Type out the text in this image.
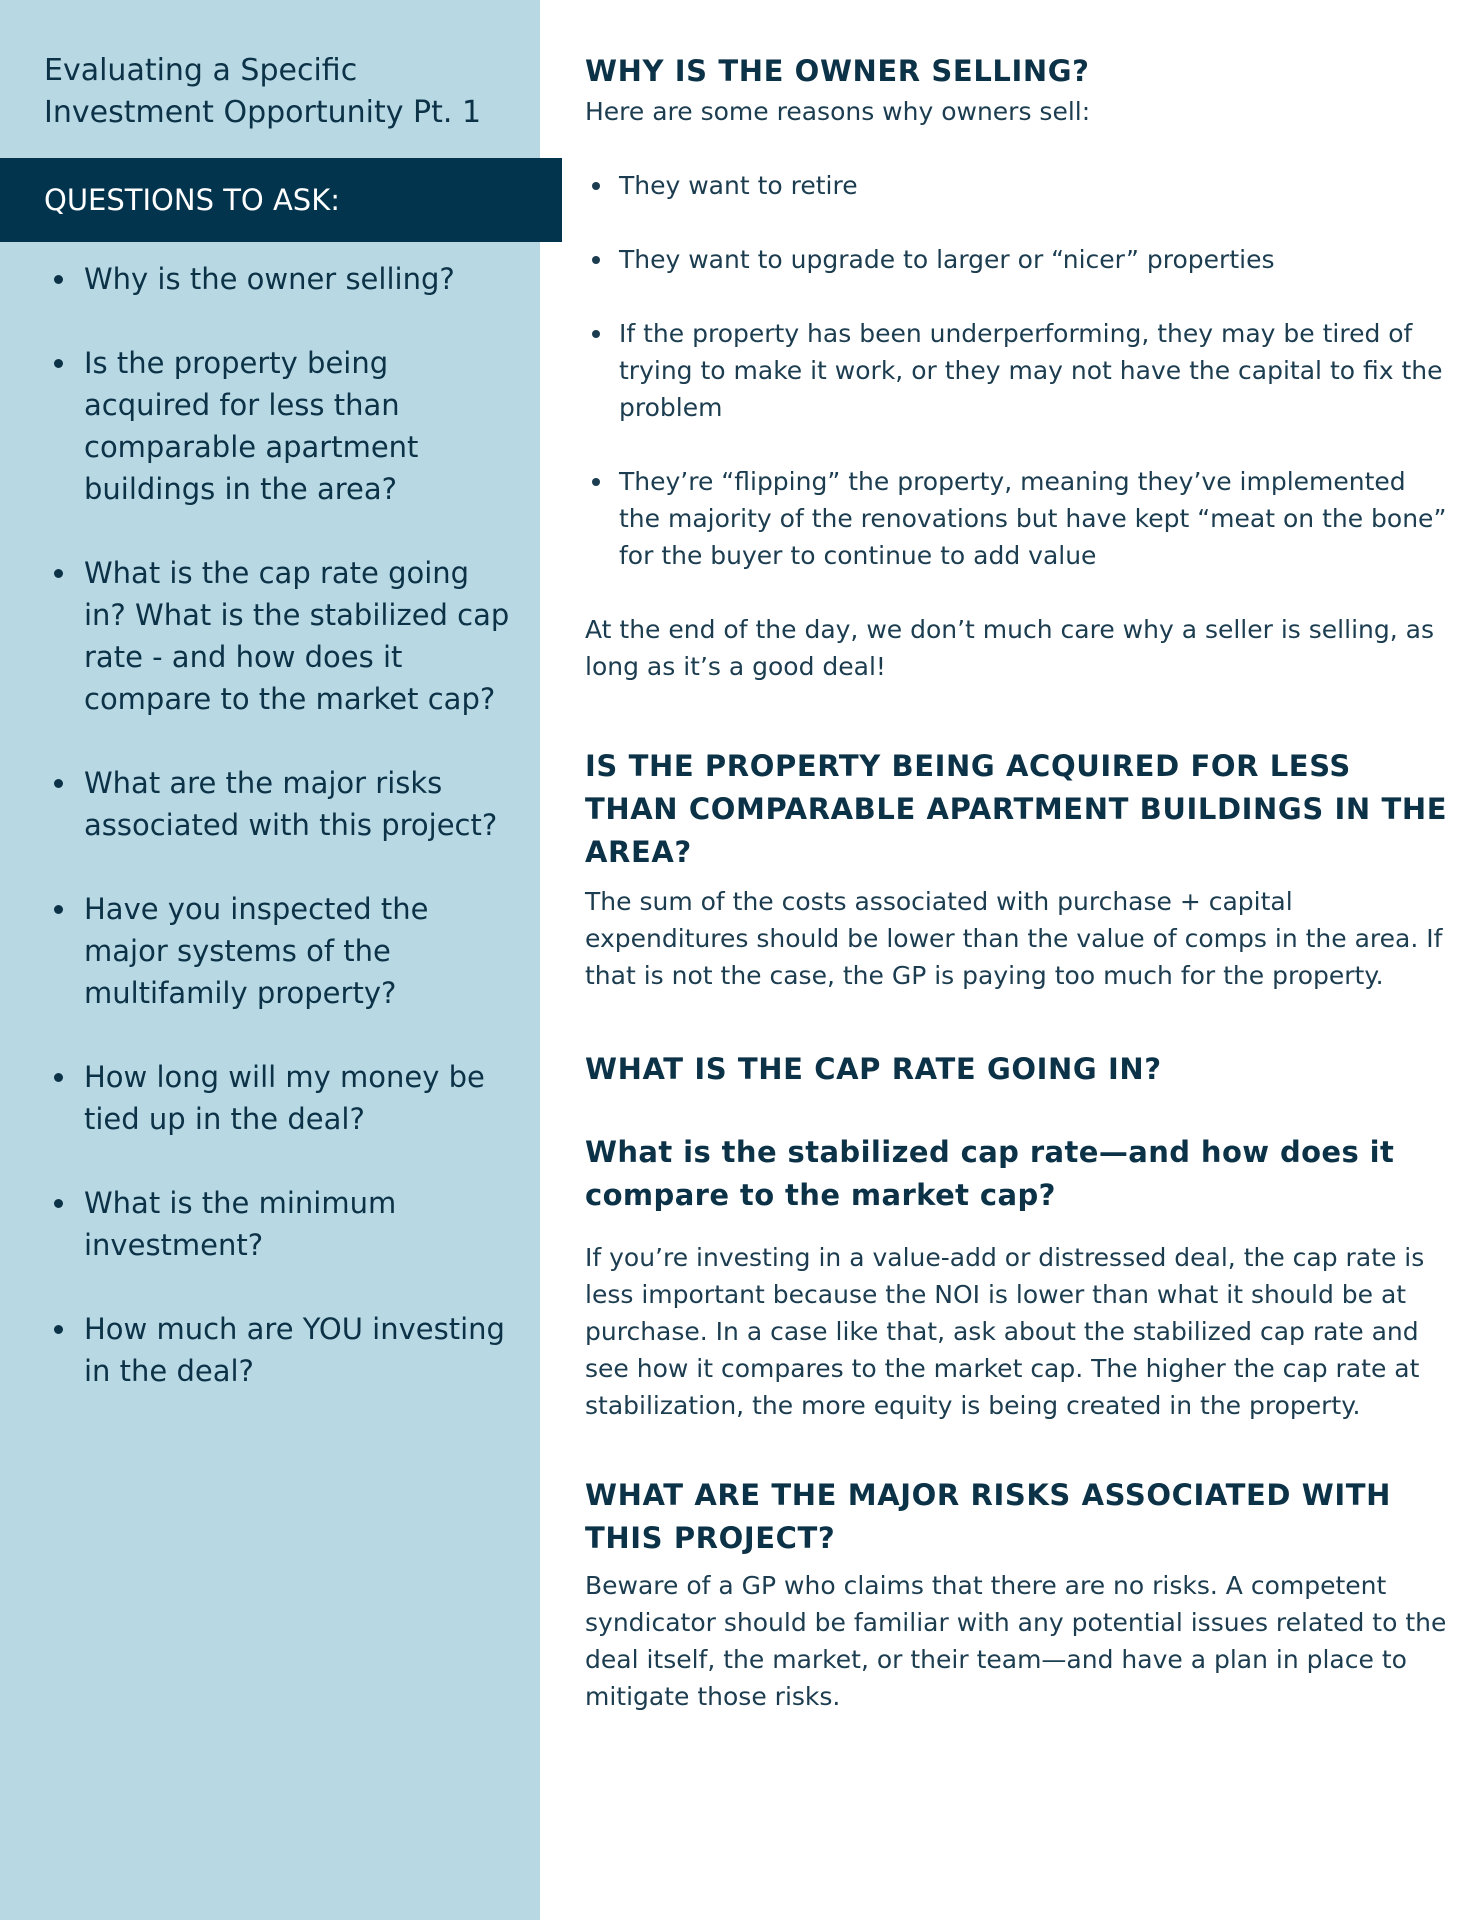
Evaluating a Specific Investment Opportunity Pt. 1
QUESTIONS TO ASK:
Why is the owner selling?
Is the property being acquired for less than comparable apartment buildings in the area?
What is the cap rate going in? What is the stabilized cap rate - and how does it compare to the market cap?
What are the major risks associated with this project?
Have you inspected the major systems of the multifamily property?
How long will my money be tied up in the deal?
What is the minimum investment?
How much are YOU investing in the deal?
WHY IS THE OWNER SELLING?

Here are some reasons why owners sell:

They want to retire
They want to upgrade to larger or “nicer” properties
If the property has been underperforming, they may be tired of trying to make it work, or they may not have the capital to fix the problem
They’re “flipping” the property, meaning they’ve implemented the majority of the renovations but have kept “meat on the bone” for the buyer to continue to add value

At the end of the day, we don’t much care why a seller is selling, as long as it’s a good deal!

IS THE PROPERTY BEING ACQUIRED FOR LESS THAN COMPARABLE APARTMENT BUILDINGS IN THE AREA?

The sum of the costs associated with purchase + capital expenditures should be lower than the value of comps in the area. If that is not the case, the GP is paying too much for the property.

WHAT IS THE CAP RATE GOING IN?
What is the stabilized cap rate—and how does it compare to the market cap?

If you’re investing in a value-add or distressed deal, the cap rate is less important because the NOI is lower than what it should be at purchase. In a case like that, ask about the stabilized cap rate and see how it compares to the market cap. The higher the cap rate at stabilization, the more equity is being created in the property.

WHAT ARE THE MAJOR RISKS ASSOCIATED WITH THIS PROJECT?

Beware of a GP who claims that there are no risks. A competent syndicator should be familiar with any potential issues related to the deal itself, the market, or their team—and have a plan in place to mitigate those risks.
